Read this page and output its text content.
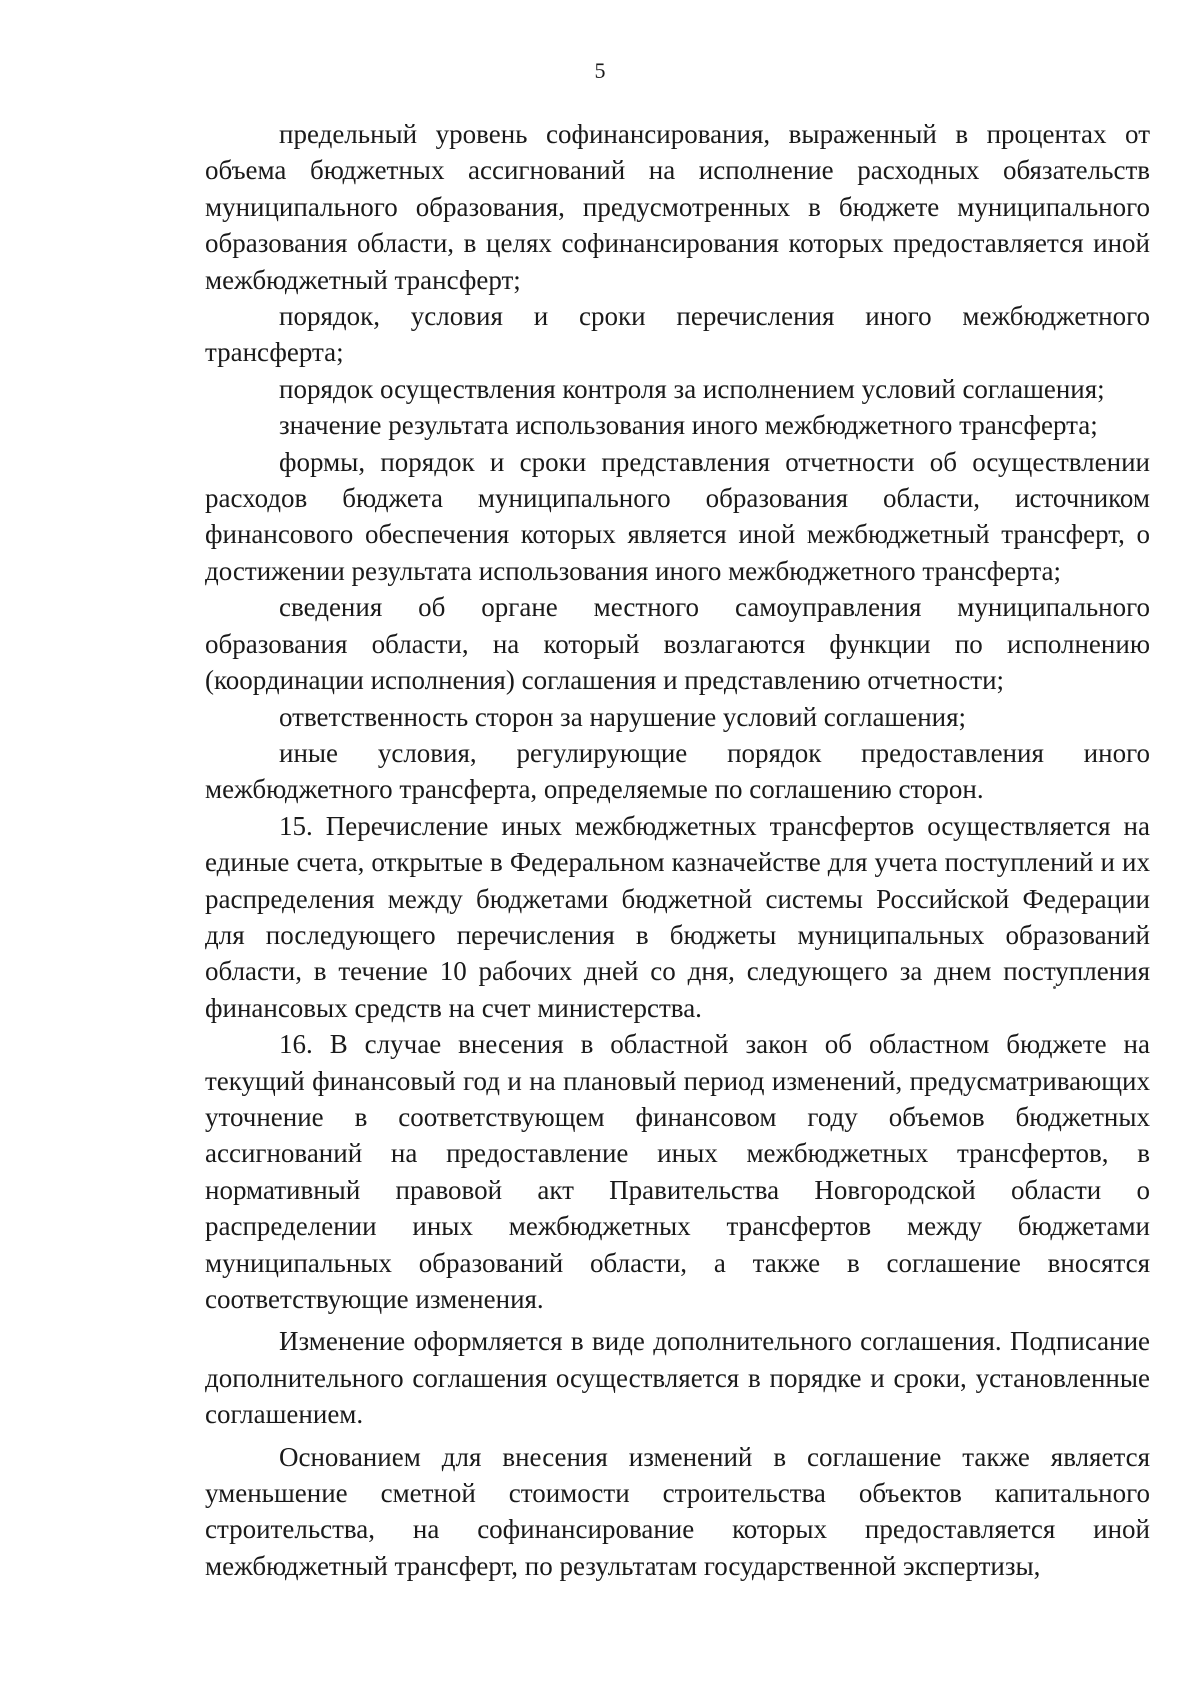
5

предельный уровень софинансирования, выраженный в процентах от объема бюджетных ассигнований на исполнение расходных обязательств муниципального образования, предусмотренных в бюджете муниципального образования области, в целях софинансирования которых предоставляется иной межбюджетный трансферт;

порядок, условия и сроки перечисления иного межбюджетного трансферта;

порядок осуществления контроля за исполнением условий соглашения;

значение результата использования иного межбюджетного трансферта;

формы, порядок и сроки представления отчетности об осуществлении расходов бюджета муниципального образования области, источником финансового обеспечения которых является иной межбюджетный трансферт, о достижении результата использования иного межбюджетного трансферта;

сведения об органе местного самоуправления муниципального образования области, на который возлагаются функции по исполнению (координации исполнения) соглашения и представлению отчетности;

ответственность сторон за нарушение условий соглашения;

иные условия, регулирующие порядок предоставления иного межбюджетного трансферта, определяемые по соглашению сторон.

15. Перечисление иных межбюджетных трансфертов осуществляется на единые счета, открытые в Федеральном казначействе для учета поступлений и их распределения между бюджетами бюджетной системы Российской Федерации для последующего перечисления в бюджеты муниципальных образований области, в течение 10 рабочих дней со дня, следующего за днем поступления финансовых средств на счет министерства.

16. В случае внесения в областной закон об областном бюджете на текущий финансовый год и на плановый период изменений, предусматривающих уточнение в соответствующем финансовом году объемов бюджетных ассигнований на предоставление иных межбюджетных трансфертов, в нормативный правовой акт Правительства Новгородской области о распределении иных межбюджетных трансфертов между бюджетами муниципальных образований области, а также в соглашение вносятся соответствующие изменения.

Изменение оформляется в виде дополнительного соглашения. Подписание дополнительного соглашения осуществляется в порядке и сроки, установленные соглашением.

Основанием для внесения изменений в соглашение также является уменьшение сметной стоимости строительства объектов капитального строительства, на софинансирование которых предоставляется иной межбюджетный трансферт, по результатам государственной экспертизы,
